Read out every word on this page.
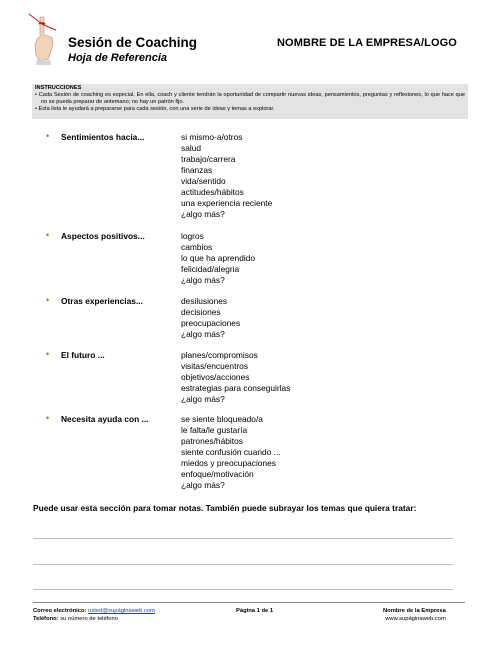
Sesión de Coaching
Hoja de Referencia
NOMBRE DE LA EMPRESA/LOGO
INSTRUCCIONES
• Cada Sesión de coaching es especial. En ella, coach y cliente tendrán la oportunidad de compartir nuevas ideas, pensamientos, preguntas y reflexiones, lo que hace que no se pueda preparar de antemano; no hay un patrón fijo.
• Esta lista le ayudará a prepararse para cada sesión, con una serie de ideas y temas a explorar.
• Sentimientos hacia...	si mismo-a/otros
salud
trabajo/carrera
finanzas
vida/sentido
actitudes/hábitos
una experiencia reciente
¿algo más?
• Aspectos positivos...	logros
cambios
lo que ha aprendido
felicidad/alegria
¿algo más?
• Otras experiencias...	desilusiones
decisiones
preocupaciones
¿algo más?
• El futuro ...	planes/compromisos
visitas/encuentros
objetivos/acciones
estrategias para conseguirlas
¿algo más?
• Necesita ayuda con ...	se siente bloqueado/a
le falta/le gustaría
patrones/hábitos
siente confusión cuando ...
miedos y preocupaciones
enfoque/motivación
¿algo más?
Puede usar esta sección para tomar notas. También puede subrayar los temas que quiera tratar:
Correo electrónico: usted@supáginaweb.com
Teléfono: su número de teléfono
Página 1 de 1	Nombre de la Empresa
www.supáginaweb.com
